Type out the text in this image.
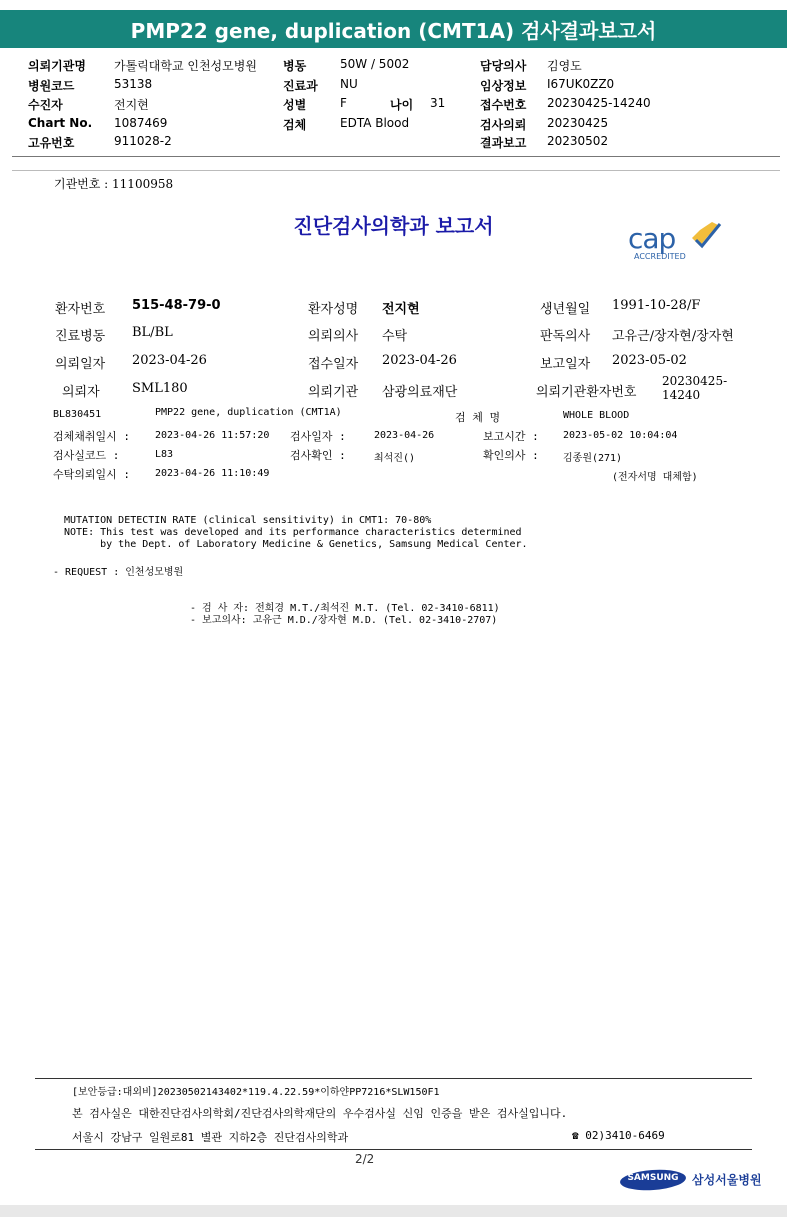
PMP22 gene, duplication (CMT1A) 검사결과보고서
의뢰기관명 가톨릭대학교 인천성모병원 병동	50W / 5002	담당의사 김영도
병원코드	53138	진료과 NU	임상정보 I67UK0ZZ0
수진자	전지현	성별	F	나이 31	접수번호 20230425-14240
Chart No. 1087469	검체	EDTA Blood	검사의뢰 20230425
고유번호	911028-2	결과보고 20230502
기관번호 : 11100958
진단검사의학과 보고서	cap
ACCREDITED
환자번호 515-48-79-0	환자성명 전지현	생년월일 1991-10-28/F
진료병동 BL/BL	의뢰의사 수탁	판독의사 고유근/장자현/장자현
의뢰일자 2023-04-26	접수일자 2023-04-26	보고일자 2023-05-02
의뢰자 SML180	의뢰기관 삼광의료재단	의뢰기관환자번호
20230425-
14240
BL830451	PMP22 gene, duplication (CMT1A)	검 체 명	WHOLE BLOOD
검체채취일시 : 2023-04-26 11:57:20 검사일자 :	2023-04-26	보고시간 : 2023-05-02 10:04:04
검사실코드 :	L83	검사확인 :	최석진()	확인의사 : 김종원(271)
수탁의뢰일시 : 2023-04-26 11:10:49	(전자서명 대체함)
MUTATION DETECTIN RATE (clinical sensitivity) in CMT1: 70-80%
NOTE: This test was developed and its performance characteristics determined
by the Dept. of Laboratory Medicine & Genetics, Samsung Medical Center.
- REQUEST : 인천성모병원
- 검 사 자: 전희경 M.T./최석진 M.T. (Tel. 02-3410-6811)
- 보고의사: 고유근 M.D./장자현 M.D. (Tel. 02-3410-2707)
[보안등급:대외비]20230502143402*119.4.22.59*이하얀PP7216*SLW150F1
본 검사실은 대한진단검사의학회/진단검사의학재단의 우수검사실 신임 인증을 받은 검사실입니다.
서울시 강남구 일원로81 별관 지하2층 진단검사의학과	☎ 02)3410-6469
2/2
SAMSUNG	삼성서울병원
